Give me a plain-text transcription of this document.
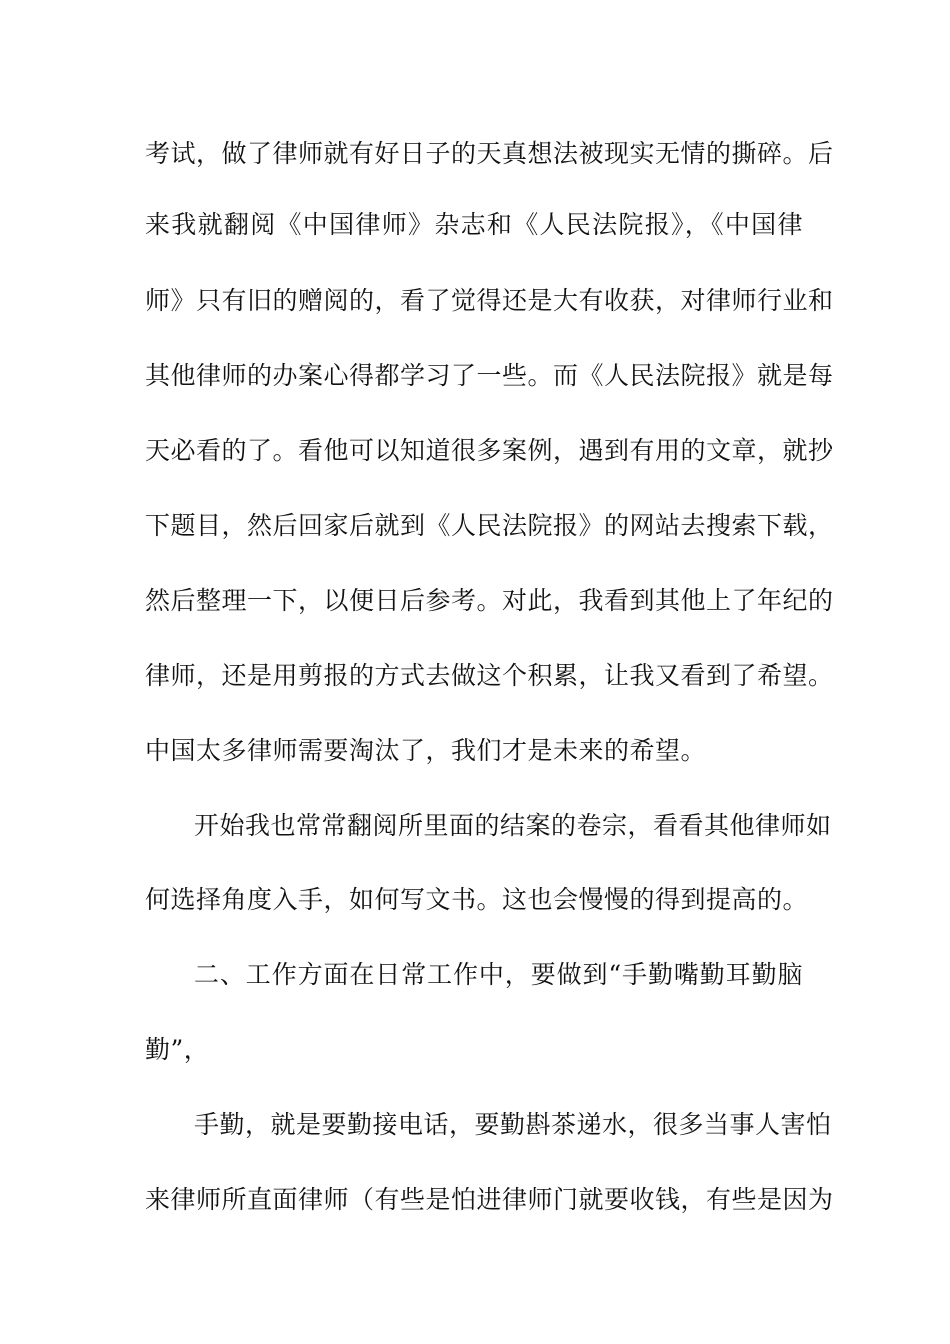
考试，做了律师就有好日子的天真想法被现实无情的撕碎。后
来我就翻阅《中国律师》杂志和《人民法院报》，《中国律
师》只有旧的赠阅的，看了觉得还是大有收获，对律师行业和
其他律师的办案心得都学习了一些。而《人民法院报》就是每
天必看的了。看他可以知道很多案例，遇到有用的文章，就抄
下题目，然后回家后就到《人民法院报》的网站去搜索下载，
然后整理一下，以便日后参考。对此，我看到其他上了年纪的
律师，还是用剪报的方式去做这个积累，让我又看到了希望。
中国太多律师需要淘汰了，我们才是未来的希望。
开始我也常常翻阅所里面的结案的卷宗，看看其他律师如
何选择角度入手，如何写文书。这也会慢慢的得到提高的。
二、工作方面在日常工作中，要做到“手勤嘴勤耳勤脑
勤”，
手勤，就是要勤接电话，要勤斟茶递水，很多当事人害怕
来律师所直面律师（有些是怕进律师门就要收钱，有些是因为
